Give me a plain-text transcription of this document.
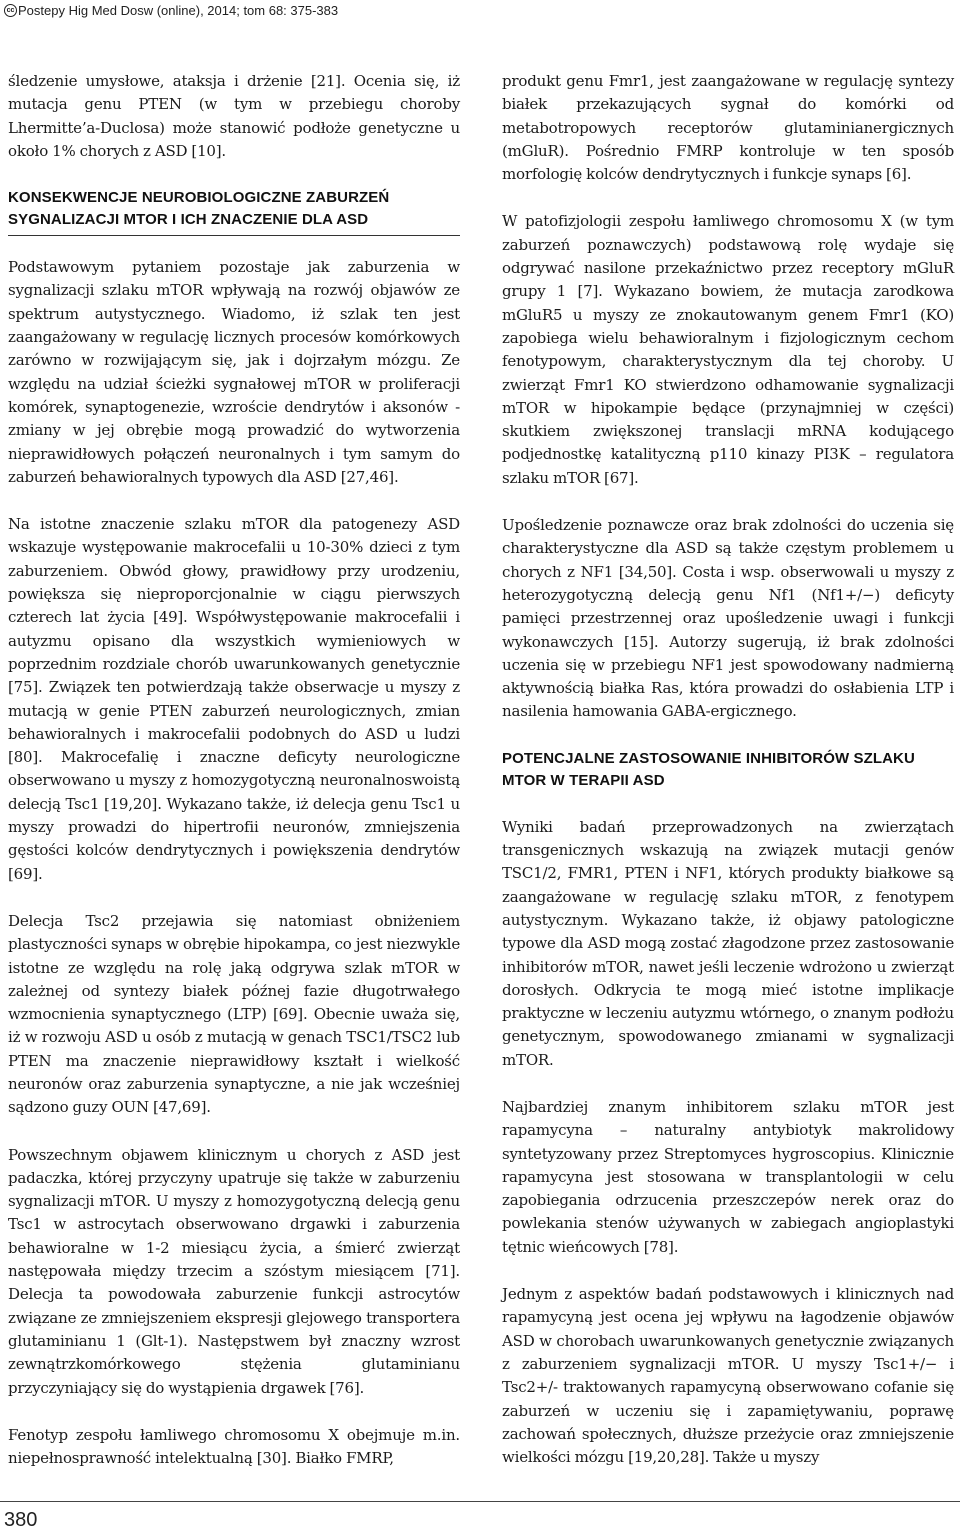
cc Postepy Hig Med Dosw (online), 2014; tom 68: 375-383

śledzenie umysłowe, ataksja i drżenie [21]. Ocenia się, iż mutacja genu PTEN (w tym w przebiegu choroby Lhermitte’a-Duclosa) może stanowić podłoże genetyczne u około 1% chorych z ASD [10].

KONSEKWENCJE NEUROBIOLOGICZNE ZABURZEŃ SYGNALIZACJI MTOR I ICH ZNACZENIE DLA ASD

Podstawowym pytaniem pozostaje jak zaburzenia w sygnalizacji szlaku mTOR wpływają na rozwój objawów ze spektrum autystycznego. Wiadomo, iż szlak ten jest zaangażowany w regulację licznych procesów komórkowych zarówno w rozwijającym się, jak i dojrzałym mózgu. Ze względu na udział ścieżki sygnałowej mTOR w proliferacji komórek, synaptogenezie, wzroście dendrytów i aksonów - zmiany w jej obrębie mogą prowadzić do wytworzenia nieprawidłowych połączeń neuronalnych i tym samym do zaburzeń behawioralnych typowych dla ASD [27,46].

Na istotne znaczenie szlaku mTOR dla patogenezy ASD wskazuje występowanie makrocefalii u 10-30% dzieci z tym zaburzeniem. Obwód głowy, prawidłowy przy urodzeniu, powiększa się nieproporcjonalnie w ciągu pierwszych czterech lat życia [49]. Współwystępowanie makrocefalii i autyzmu opisano dla wszystkich wymieniowych w poprzednim rozdziale chorób uwarunkowanych genetycznie [75]. Związek ten potwierdzają także obserwacje u myszy z mutacją w genie PTEN zaburzeń neurologicznych, zmian behawioralnych i makrocefalii podobnych do ASD u ludzi [80]. Makrocefalię i znaczne deficyty neurologiczne obserwowano u myszy z homozygotyczną neuronalnoswoistą delecją Tsc1 [19,20]. Wykazano także, iż delecja genu Tsc1 u myszy prowadzi do hipertrofii neuronów, zmniejszenia gęstości kolców dendrytycznych i powiększenia dendrytów [69].

Delecja Tsc2 przejawia się natomiast obniżeniem plastyczności synaps w obrębie hipokampa, co jest niezwykle istotne ze względu na rolę jaką odgrywa szlak mTOR w zależnej od syntezy białek późnej fazie długotrwałego wzmocnienia synaptycznego (LTP) [69]. Obecnie uważa się, iż w rozwoju ASD u osób z mutacją w genach TSC1/TSC2 lub PTEN ma znaczenie nieprawidłowy kształt i wielkość neuronów oraz zaburzenia synaptyczne, a nie jak wcześniej sądzono guzy OUN [47,69].

Powszechnym objawem klinicznym u chorych z ASD jest padaczka, której przyczyny upatruje się także w zaburzeniu sygnalizacji mTOR. U myszy z homozygotyczną delecją genu Tsc1 w astrocytach obserwowano drgawki i zaburzenia behawioralne w 1-2 miesiącu życia, a śmierć zwierząt następowała między trzecim a szóstym miesiącem [71]. Delecja ta powodowała zaburzenie funkcji astrocytów związane ze zmniejszeniem ekspresji glejowego transportera glutaminianu 1 (Glt-1). Następstwem był znaczny wzrost zewnątrzkomórkowego stężenia glutaminianu przyczyniający się do wystąpienia drgawek [76].

Fenotyp zespołu łamliwego chromosomu X obejmuje m.in. niepełnosprawność intelektualną [30]. Białko FMRP,

produkt genu Fmr1, jest zaangażowane w regulację syntezy białek przekazujących sygnał do komórki od metabotropowych receptorów glutaminianergicznych (mGluR). Pośrednio FMRP kontroluje w ten sposób morfologię kolców dendrytycznych i funkcje synaps [6].

W patofizjologii zespołu łamliwego chromosomu X (w tym zaburzeń poznawczych) podstawową rolę wydaje się odgrywać nasilone przekaźnictwo przez receptory mGluR grupy 1 [7]. Wykazano bowiem, że mutacja zarodkowa mGluR5 u myszy ze znokautowanym genem Fmr1 (KO) zapobiega wielu behawioralnym i fizjologicznym cechom fenotypowym, charakterystycznym dla tej choroby. U zwierząt Fmr1 KO stwierdzono odhamowanie sygnalizacji mTOR w hipokampie będące (przynajmniej w części) skutkiem zwiększonej translacji mRNA kodującego podjednostkę katalityczną p110 kinazy PI3K – regulatora szlaku mTOR [67].

Upośledzenie poznawcze oraz brak zdolności do uczenia się charakterystyczne dla ASD są także częstym problemem u chorych z NF1 [34,50]. Costa i wsp. obserwowali u myszy z heterozygotyczną delecją genu Nf1 (Nf1+/−) deficyty pamięci przestrzennej oraz upośledzenie uwagi i funkcji wykonawczych [15]. Autorzy sugerują, iż brak zdolności uczenia się w przebiegu NF1 jest spowodowany nadmierną aktywnością białka Ras, która prowadzi do osłabienia LTP i nasilenia hamowania GABA-ergicznego.

POTENCJALNE ZASTOSOWANIE INHIBITORÓW SZLAKU MTOR W TERAPII ASD

Wyniki badań przeprowadzonych na zwierzątach transgenicznych wskazują na związek mutacji genów TSC1/2, FMR1, PTEN i NF1, których produkty białkowe są zaangażowane w regulację szlaku mTOR, z fenotypem autystycznym. Wykazano także, iż objawy patologiczne typowe dla ASD mogą zostać złagodzone przez zastosowanie inhibitorów mTOR, nawet jeśli leczenie wdrożono u zwierząt dorosłych. Odkrycia te mogą mieć istotne implikacje praktyczne w leczeniu autyzmu wtórnego, o znanym podłożu genetycznym, spowodowanego zmianami w sygnalizacji mTOR.

Najbardziej znanym inhibitorem szlaku mTOR jest rapamycyna – naturalny antybiotyk makrolidowy syntetyzowany przez Streptomyces hygroscopius. Klinicznie rapamycyna jest stosowana w transplantologii w celu zapobiegania odrzucenia przeszczepów nerek oraz do powlekania stenów używanych w zabiegach angioplastyki tętnic wieńcowych [78].

Jednym z aspektów badań podstawowych i klinicznych nad rapamycyną jest ocena jej wpływu na łagodzenie objawów ASD w chorobach uwarunkowanych genetycznie związanych z zaburzeniem sygnalizacji mTOR. U myszy Tsc1+/− i Tsc2+/- traktowanych rapamycyną obserwowano cofanie się zaburzeń w uczeniu się i zapamiętywaniu, poprawę zachowań społecznych, dłuższe przeżycie oraz zmniejszenie wielkości mózgu [19,20,28]. Także u myszy

380
